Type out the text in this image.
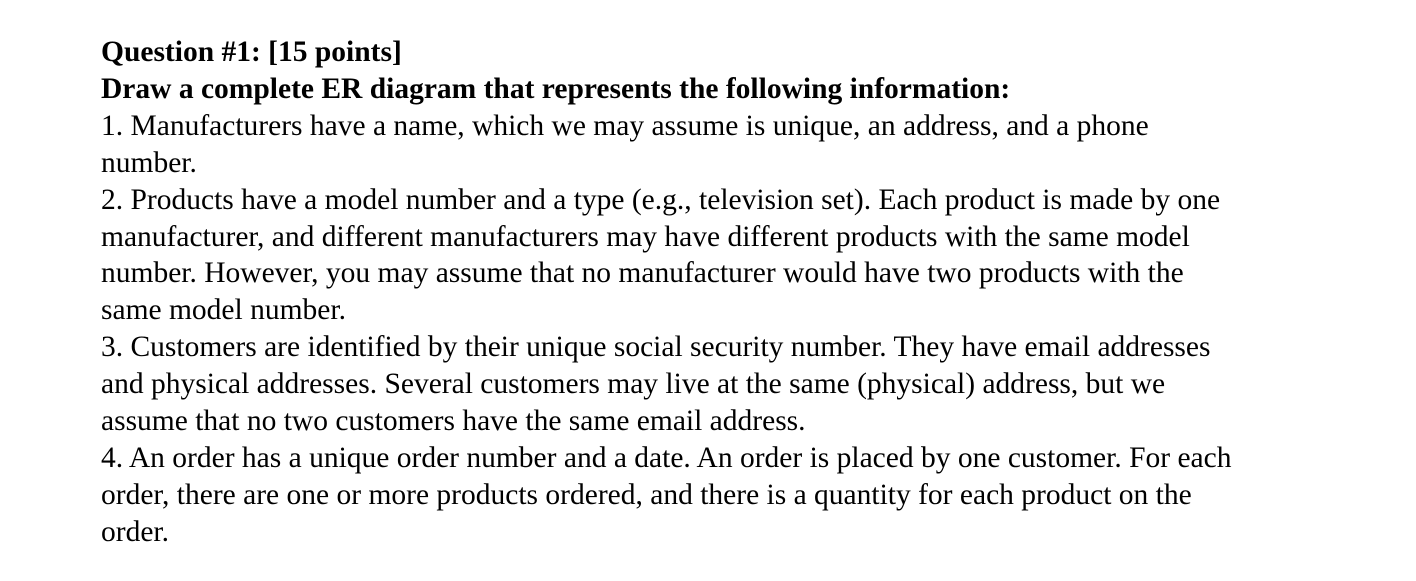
Question #1: [15 points]

Draw a complete ER diagram that represents the following information:

1. Manufacturers have a name, which we may assume is unique, an address, and a phone

number.

2. Products have a model number and a type (e.g., television set). Each product is made by one

manufacturer, and different manufacturers may have different products with the same model

number. However, you may assume that no manufacturer would have two products with the

same model number.

3. Customers are identified by their unique social security number. They have email addresses

and physical addresses. Several customers may live at the same (physical) address, but we

assume that no two customers have the same email address.

4. An order has a unique order number and a date. An order is placed by one customer. For each

order, there are one or more products ordered, and there is a quantity for each product on the

order.
